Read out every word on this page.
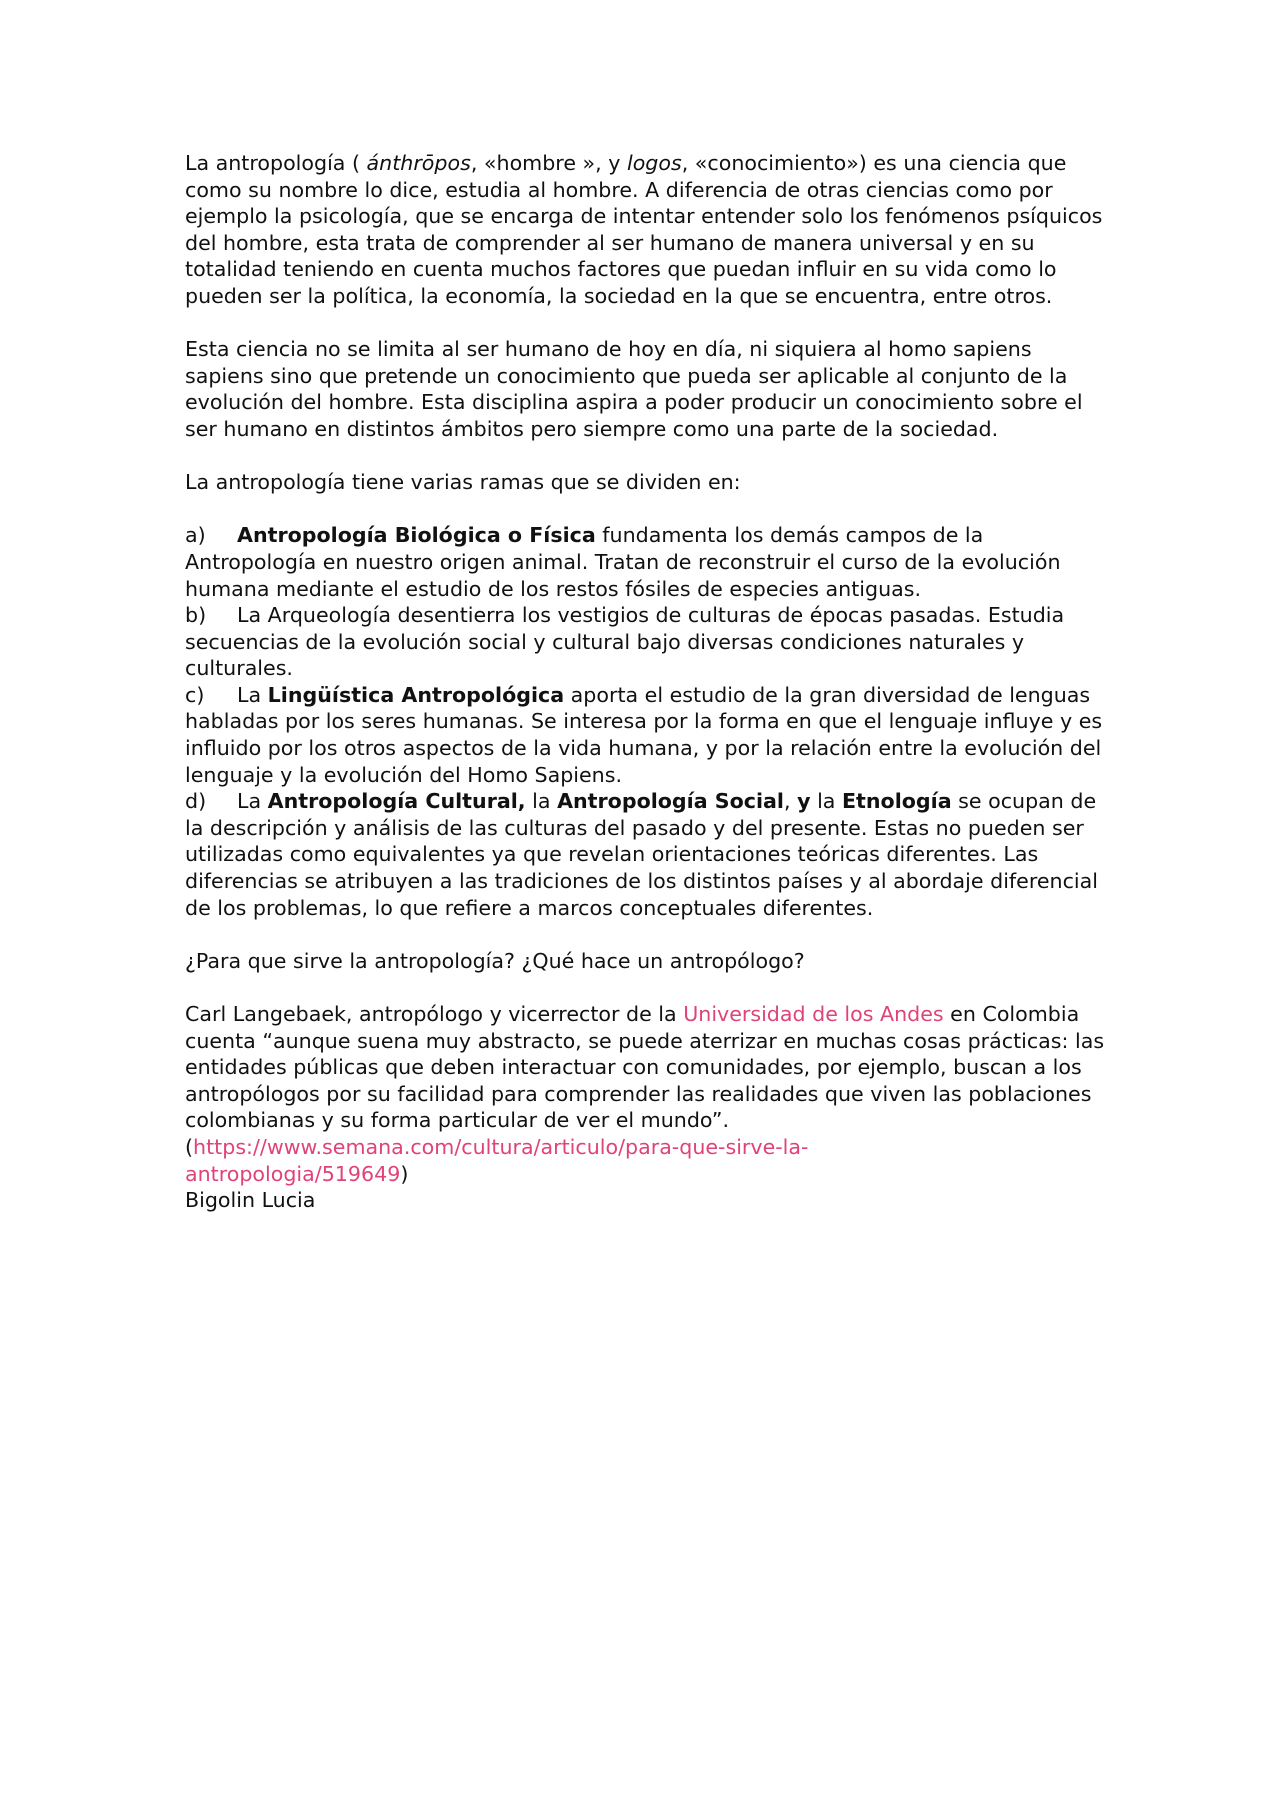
La antropología ( ánthrōpos, «hombre », y logos, «conocimiento») es una ciencia que como su nombre lo dice, estudia al hombre. A diferencia de otras ciencias como por ejemplo la psicología, que se encarga de intentar entender solo los fenómenos psíquicos del hombre, esta trata de comprender al ser humano de manera universal y en su totalidad teniendo en cuenta muchos factores que puedan influir en su vida como lo pueden ser la política, la economía, la sociedad en la que se encuentra, entre otros.

Esta ciencia no se limita al ser humano de hoy en día, ni siquiera al homo sapiens sapiens sino que pretende un conocimiento que pueda ser aplicable al conjunto de la evolución del hombre. Esta disciplina aspira a poder producir un conocimiento sobre el ser humano en distintos ámbitos pero siempre como una parte de la sociedad.

La antropología tiene varias ramas que se dividen en:

a) Antropología Biológica o Física fundamenta los demás campos de la Antropología en nuestro origen animal. Tratan de reconstruir el curso de la evolución humana mediante el estudio de los restos fósiles de especies antiguas.

b) La Arqueología desentierra los vestigios de culturas de épocas pasadas. Estudia secuencias de la evolución social y cultural bajo diversas condiciones naturales y culturales.

c) La Lingüística Antropológica aporta el estudio de la gran diversidad de lenguas habladas por los seres humanas. Se interesa por la forma en que el lenguaje influye y es influido por los otros aspectos de la vida humana, y por la relación entre la evolución del lenguaje y la evolución del Homo Sapiens.

d) La Antropología Cultural, la Antropología Social, y la Etnología se ocupan de la descripción y análisis de las culturas del pasado y del presente. Estas no pueden ser utilizadas como equivalentes ya que revelan orientaciones teóricas diferentes. Las diferencias se atribuyen a las tradiciones de los distintos países y al abordaje diferencial de los problemas, lo que refiere a marcos conceptuales diferentes.

¿Para que sirve la antropología? ¿Qué hace un antropólogo?

Carl Langebaek, antropólogo y vicerrector de la Universidad de los Andes en Colombia cuenta “aunque suena muy abstracto, se puede aterrizar en muchas cosas prácticas: las entidades públicas que deben interactuar con comunidades, por ejemplo, buscan a los antropólogos por su facilidad para comprender las realidades que viven las poblaciones colombianas y su forma particular de ver el mundo”. (https://www.semana.com/cultura/articulo/para-que-sirve-la-
antropologia/519649)

Bigolin Lucia
